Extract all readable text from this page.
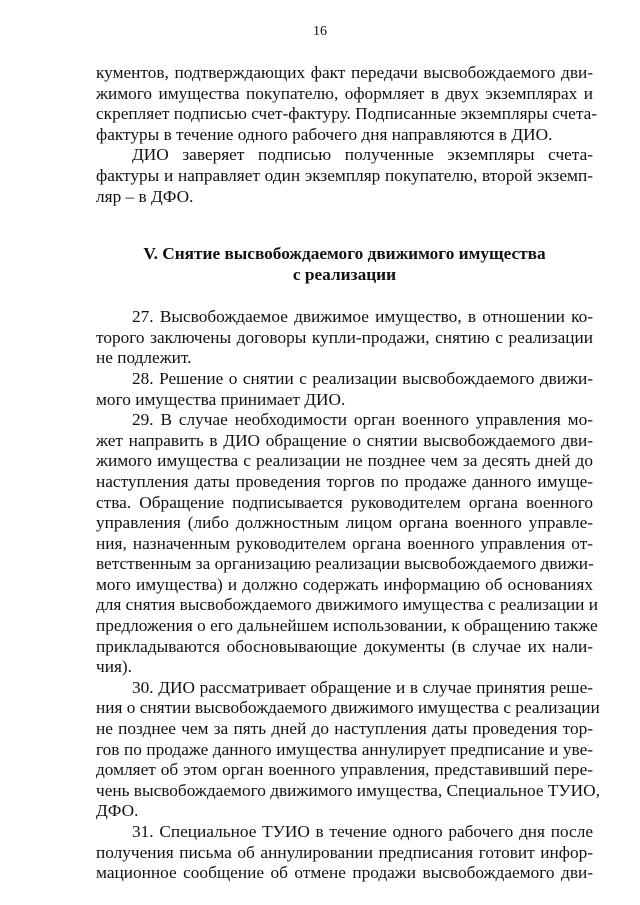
16

кументов, подтверждающих факт передачи высвобождаемого дви-
жимого имущества покупателю, оформляет в двух экземплярах и
скрепляет подписью счет-фактуру. Подписанные экземпляры счета-
фактуры в течение одного рабочего дня направляются в ДИО.

ДИО заверяет подписью полученные экземпляры счета-
фактуры и направляет один экземпляр покупателю, второй экземп-
ляр – в ДФО.

V. Снятие высвобождаемого движимого имущества
с реализации

27. Высвобождаемое движимое имущество, в отношении ко-
торого заключены договоры купли-продажи, снятию с реализации
не подлежит.

28. Решение о снятии с реализации высвобождаемого движи-
мого имущества принимает ДИО.

29. В случае необходимости орган военного управления мо-
жет направить в ДИО обращение о снятии высвобождаемого дви-
жимого имущества с реализации не позднее чем за десять дней до
наступления даты проведения торгов по продаже данного имуще-
ства. Обращение подписывается руководителем органа военного
управления (либо должностным лицом органа военного управле-
ния, назначенным руководителем органа военного управления от-
ветственным за организацию реализации высвобождаемого движи-
мого имущества) и должно содержать информацию об основаниях
для снятия высвобождаемого движимого имущества с реализации и
предложения о его дальнейшем использовании, к обращению также
прикладываются обосновывающие документы (в случае их нали-
чия).

30. ДИО рассматривает обращение и в случае принятия реше-
ния о снятии высвобождаемого движимого имущества с реализации
не позднее чем за пять дней до наступления даты проведения тор-
гов по продаже данного имущества аннулирует предписание и уве-
домляет об этом орган военного управления, представивший пере-
чень высвобождаемого движимого имущества, Специальное ТУИО,
ДФО.

31. Специальное ТУИО в течение одного рабочего дня после
получения письма об аннулировании предписания готовит инфор-
мационное сообщение об отмене продажи высвобождаемого дви-
